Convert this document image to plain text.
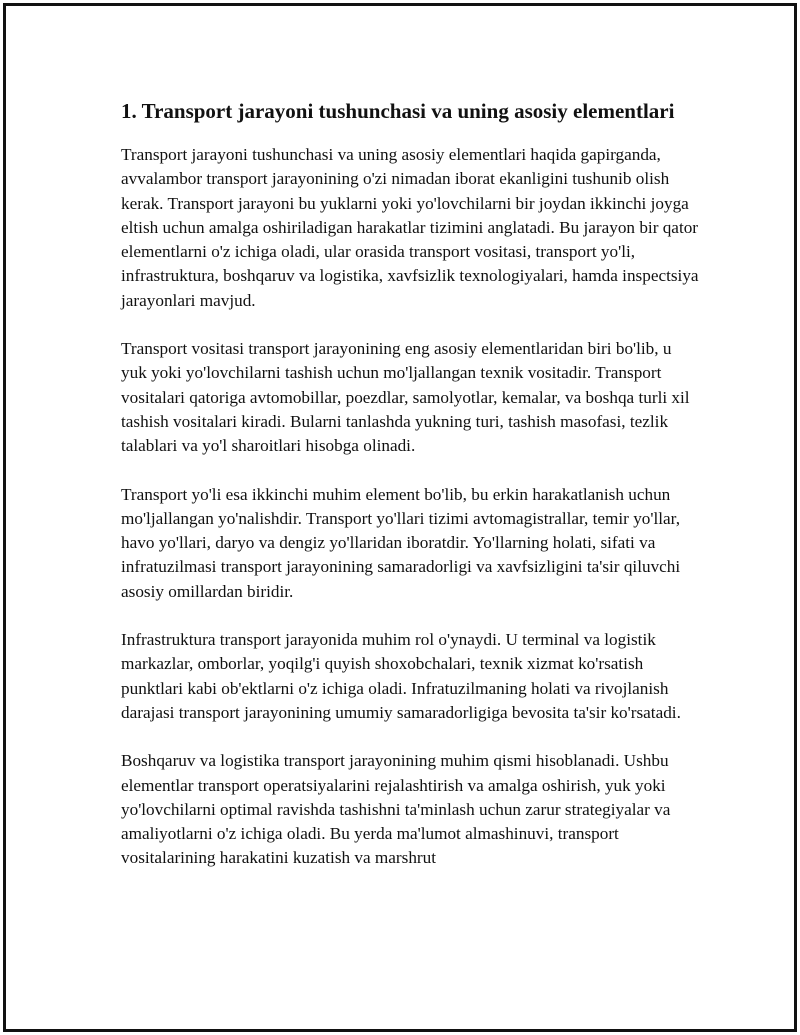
1. Transport jarayoni tushunchasi va uning asosiy elementlari

Transport jarayoni tushunchasi va uning asosiy elementlari haqida gapirganda, avvalambor transport jarayonining o'zi nimadan iborat ekanligini tushunib olish kerak. Transport jarayoni bu yuklarni yoki yo'lovchilarni bir joydan ikkinchi joyga eltish uchun amalga oshiriladigan harakatlar tizimini anglatadi. Bu jarayon bir qator elementlarni o'z ichiga oladi, ular orasida transport vositasi, transport yo'li, infrastruktura, boshqaruv va logistika, xavfsizlik texnologiyalari, hamda inspectsiya jarayonlari mavjud.

Transport vositasi transport jarayonining eng asosiy elementlaridan biri bo'lib, u yuk yoki yo'lovchilarni tashish uchun mo'ljallangan texnik vositadir. Transport vositalari qatoriga avtomobillar, poezdlar, samolyotlar, kemalar, va boshqa turli xil tashish vositalari kiradi. Bularni tanlashda yukning turi, tashish masofasi, tezlik talablari va yo'l sharoitlari hisobga olinadi.

Transport yo'li esa ikkinchi muhim element bo'lib, bu erkin harakatlanish uchun mo'ljallangan yo'nalishdir. Transport yo'llari tizimi avtomagistrallar, temir yo'llar, havo yo'llari, daryo va dengiz yo'llaridan iboratdir. Yo'llarning holati, sifati va infratuzilmasi transport jarayonining samaradorligi va xavfsizligini ta'sir qiluvchi asosiy omillardan biridir.

Infrastruktura transport jarayonida muhim rol o'ynaydi. U terminal va logistik markazlar, omborlar, yoqilg'i quyish shoxobchalari, texnik xizmat ko'rsatish punktlari kabi ob'ektlarni o'z ichiga oladi. Infratuzilmaning holati va rivojlanish darajasi transport jarayonining umumiy samaradorligiga bevosita ta'sir ko'rsatadi.

Boshqaruv va logistika transport jarayonining muhim qismi hisoblanadi. Ushbu elementlar transport operatsiyalarini rejalashtirish va amalga oshirish, yuk yoki yo'lovchilarni optimal ravishda tashishni ta'minlash uchun zarur strategiyalar va amaliyotlarni o'z ichiga oladi. Bu yerda ma'lumot almashinuvi, transport vositalarining harakatini kuzatish va marshrut
